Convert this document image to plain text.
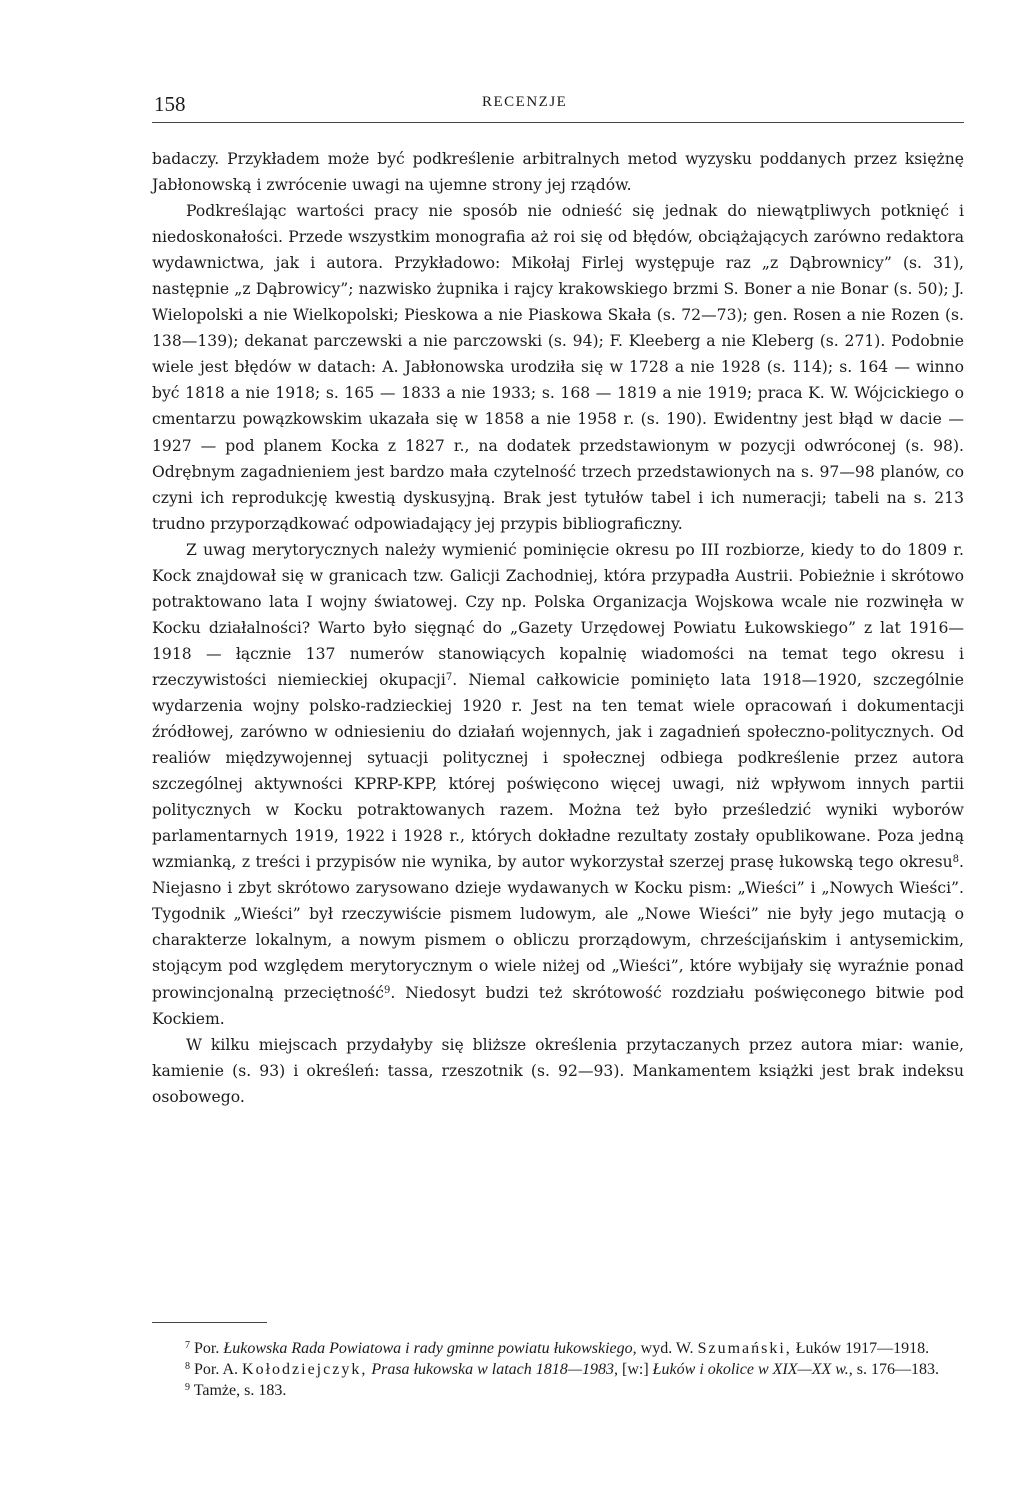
158	RECENZJE

badaczy. Przykładem może być podkreślenie arbitralnych metod wyzysku poddanych przez księżnę Jabłonowską i zwrócenie uwagi na ujemne strony jej rządów.

Podkreślając wartości pracy nie sposób nie odnieść się jednak do niewątpliwych potknięć i niedoskonałości. Przede wszystkim monografia aż roi się od błędów, obciążających zarówno redaktora wydawnictwa, jak i autora. Przykładowo: Mikołaj Firlej występuje raz „z Dąbrownicy” (s. 31), następnie „z Dąbrowicy”; nazwisko żupnika i rajcy krakowskiego brzmi S. Boner a nie Bonar (s. 50); J. Wielopolski a nie Wielkopolski; Pieskowa a nie Piaskowa Skała (s. 72—73); gen. Rosen a nie Rozen (s. 138—139); dekanat parczewski a nie parczowski (s. 94); F. Kleeberg a nie Kleberg (s. 271). Podobnie wiele jest błędów w datach: A. Jabłonowska urodziła się w 1728 a nie 1928 (s. 114); s. 164 — winno być 1818 a nie 1918; s. 165 — 1833 a nie 1933; s. 168 — 1819 a nie 1919; praca K. W. Wójcickiego o cmentarzu powązkowskim ukazała się w 1858 a nie 1958 r. (s. 190). Ewidentny jest błąd w dacie — 1927 — pod planem Kocka z 1827 r., na dodatek przedstawionym w pozycji odwróconej (s. 98). Odrębnym zagadnieniem jest bardzo mała czytelność trzech przedstawionych na s. 97—98 planów, co czyni ich reprodukcję kwestią dyskusyjną. Brak jest tytułów tabel i ich numeracji; tabeli na s. 213 trudno przyporządkować odpowiadający jej przypis bibliograficzny.

Z uwag merytorycznych należy wymienić pominięcie okresu po III rozbiorze, kiedy to do 1809 r. Kock znajdował się w granicach tzw. Galicji Zachodniej, która przypadła Austrii. Pobieżnie i skrótowo potraktowano lata I wojny światowej. Czy np. Polska Organizacja Wojskowa wcale nie rozwinęła w Kocku działalności? Warto było sięgnąć do „Gazety Urzędowej Powiatu Łukowskiego” z lat 1916—1918 — łącznie 137 numerów stanowiących kopalnię wiadomości na temat tego okresu i rzeczywistości niemieckiej okupacji$^7$. Niemal całkowicie pominięto lata 1918—1920, szczególnie wydarzenia wojny polsko-radzieckiej 1920 r. Jest na ten temat wiele opracowań i dokumentacji źródłowej, zarówno w odniesieniu do działań wojennych, jak i zagadnień społeczno-politycznych. Od realiów międzywojennej sytuacji politycznej i społecznej odbiega podkreślenie przez autora szczególnej aktywności KPRP-KPP, której poświęcono więcej uwagi, niż wpływom innych partii politycznych w Kocku potraktowanych razem. Można też było prześledzić wyniki wyborów parlamentarnych 1919, 1922 i 1928 r., których dokładne rezultaty zostały opublikowane. Poza jedną wzmianką, z treści i przypisów nie wynika, by autor wykorzystał szerzej prasę łukowską tego okresu$^8$. Niejasno i zbyt skrótowo zarysowano dzieje wydawanych w Kocku pism: „Wieści” i „Nowych Wieści”. Tygodnik „Wieści” był rzeczywiście pismem ludowym, ale „Nowe Wieści” nie były jego mutacją o charakterze lokalnym, a nowym pismem o obliczu prorządowym, chrześcijańskim i antysemickim, stojącym pod względem merytorycznym o wiele niżej od „Wieści”, które wybijały się wyraźnie ponad prowincjonalną przeciętność$^9$. Niedosyt budzi też skrótowość rozdziału poświęconego bitwie pod Kockiem.

W kilku miejscach przydałyby się bliższe określenia przytaczanych przez autora miar: wanie, kamienie (s. 93) i określeń: tassa, rzeszotnik (s. 92—93). Mankamentem książki jest brak indeksu osobowego.

$^7$ Por. Łukowska Rada Powiatowa i rady gminne powiatu łukowskiego, wyd. W. Szumański, Łuków 1917—1918.

$^8$ Por. A. Kołodziejczyk, Prasa łukowska w latach 1818—1983, [w:] Łuków i okolice w XIX—XX w., s. 176—183.

$^9$ Tamże, s. 183.
